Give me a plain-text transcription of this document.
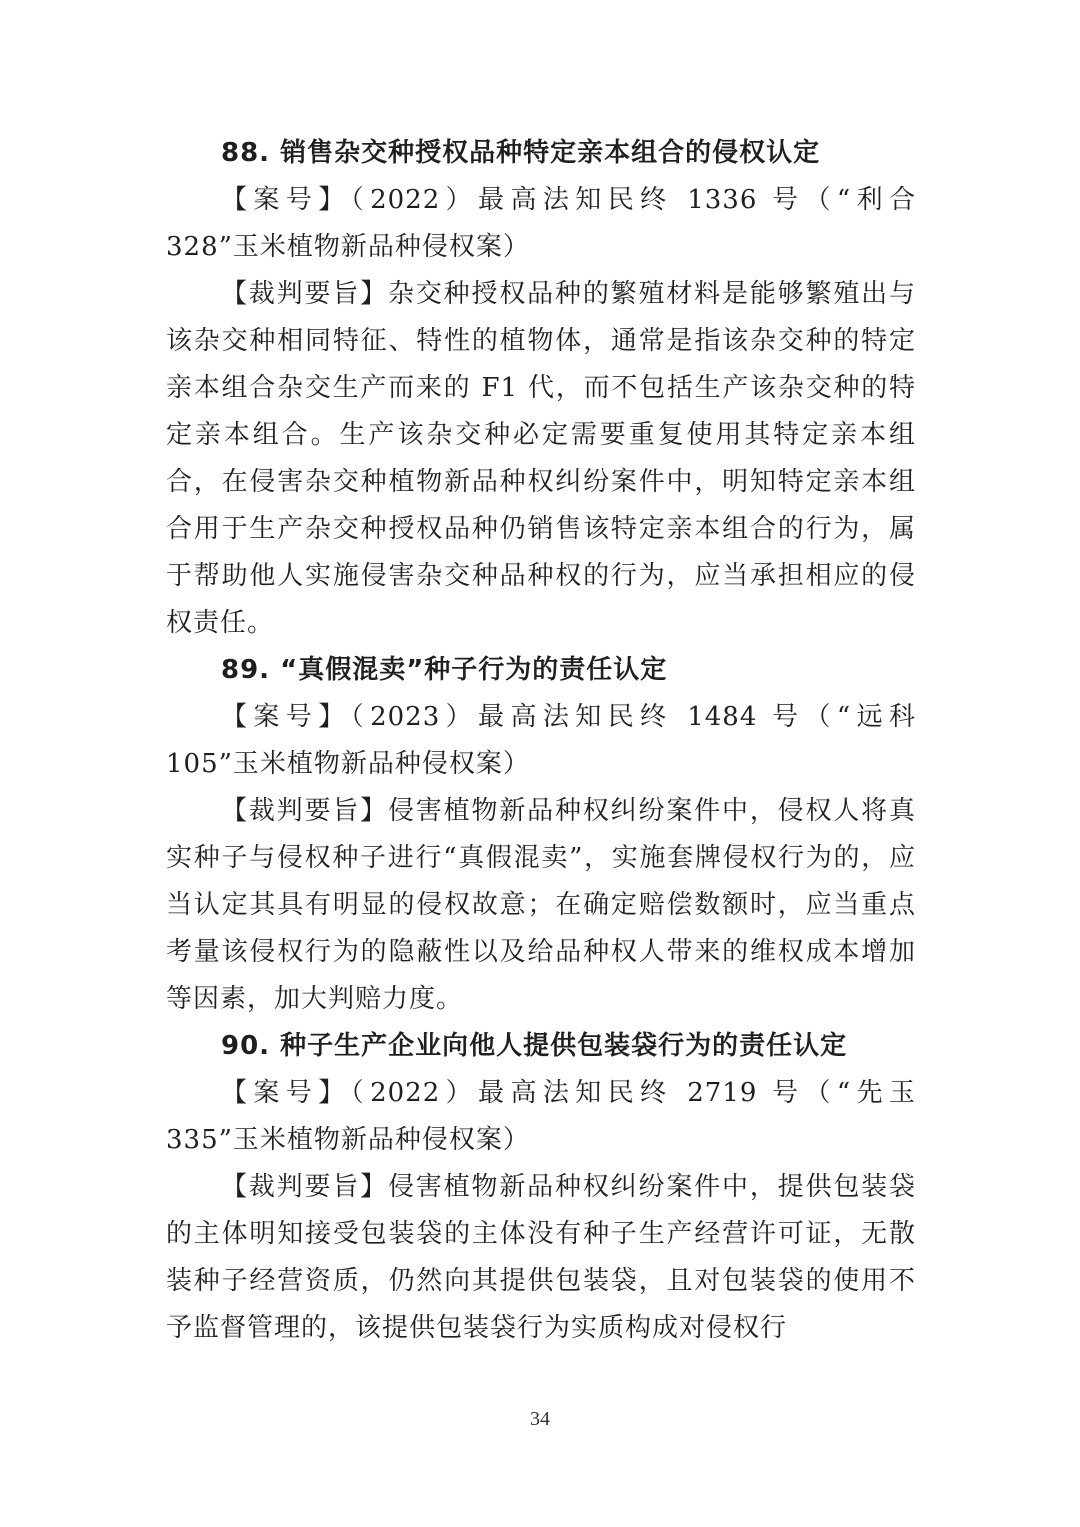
88. 销售杂交种授权品种特定亲本组合的侵权认定

【案号】（2022）最高法知民终 1336 号（“利合 328”玉米植物新品种侵权案）

【裁判要旨】杂交种授权品种的繁殖材料是能够繁殖出与该杂交种相同特征、特性的植物体，通常是指该杂交种的特定亲本组合杂交生产而来的 F1 代，而不包括生产该杂交种的特定亲本组合。生产该杂交种必定需要重复使用其特定亲本组合，在侵害杂交种植物新品种权纠纷案件中，明知特定亲本组合用于生产杂交种授权品种仍销售该特定亲本组合的行为，属于帮助他人实施侵害杂交种品种权的行为，应当承担相应的侵权责任。

89. “真假混卖”种子行为的责任认定

【案号】（2023）最高法知民终 1484 号（“远科 105”玉米植物新品种侵权案）

【裁判要旨】侵害植物新品种权纠纷案件中，侵权人将真实种子与侵权种子进行“真假混卖”，实施套牌侵权行为的，应当认定其具有明显的侵权故意；在确定赔偿数额时，应当重点考量该侵权行为的隐蔽性以及给品种权人带来的维权成本增加等因素，加大判赔力度。

90. 种子生产企业向他人提供包装袋行为的责任认定

【案号】（2022）最高法知民终 2719 号（“先玉 335”玉米植物新品种侵权案）

【裁判要旨】侵害植物新品种权纠纷案件中，提供包装袋的主体明知接受包装袋的主体没有种子生产经营许可证，无散装种子经营资质，仍然向其提供包装袋，且对包装袋的使用不予监督管理的，该提供包装袋行为实质构成对侵权行

34
